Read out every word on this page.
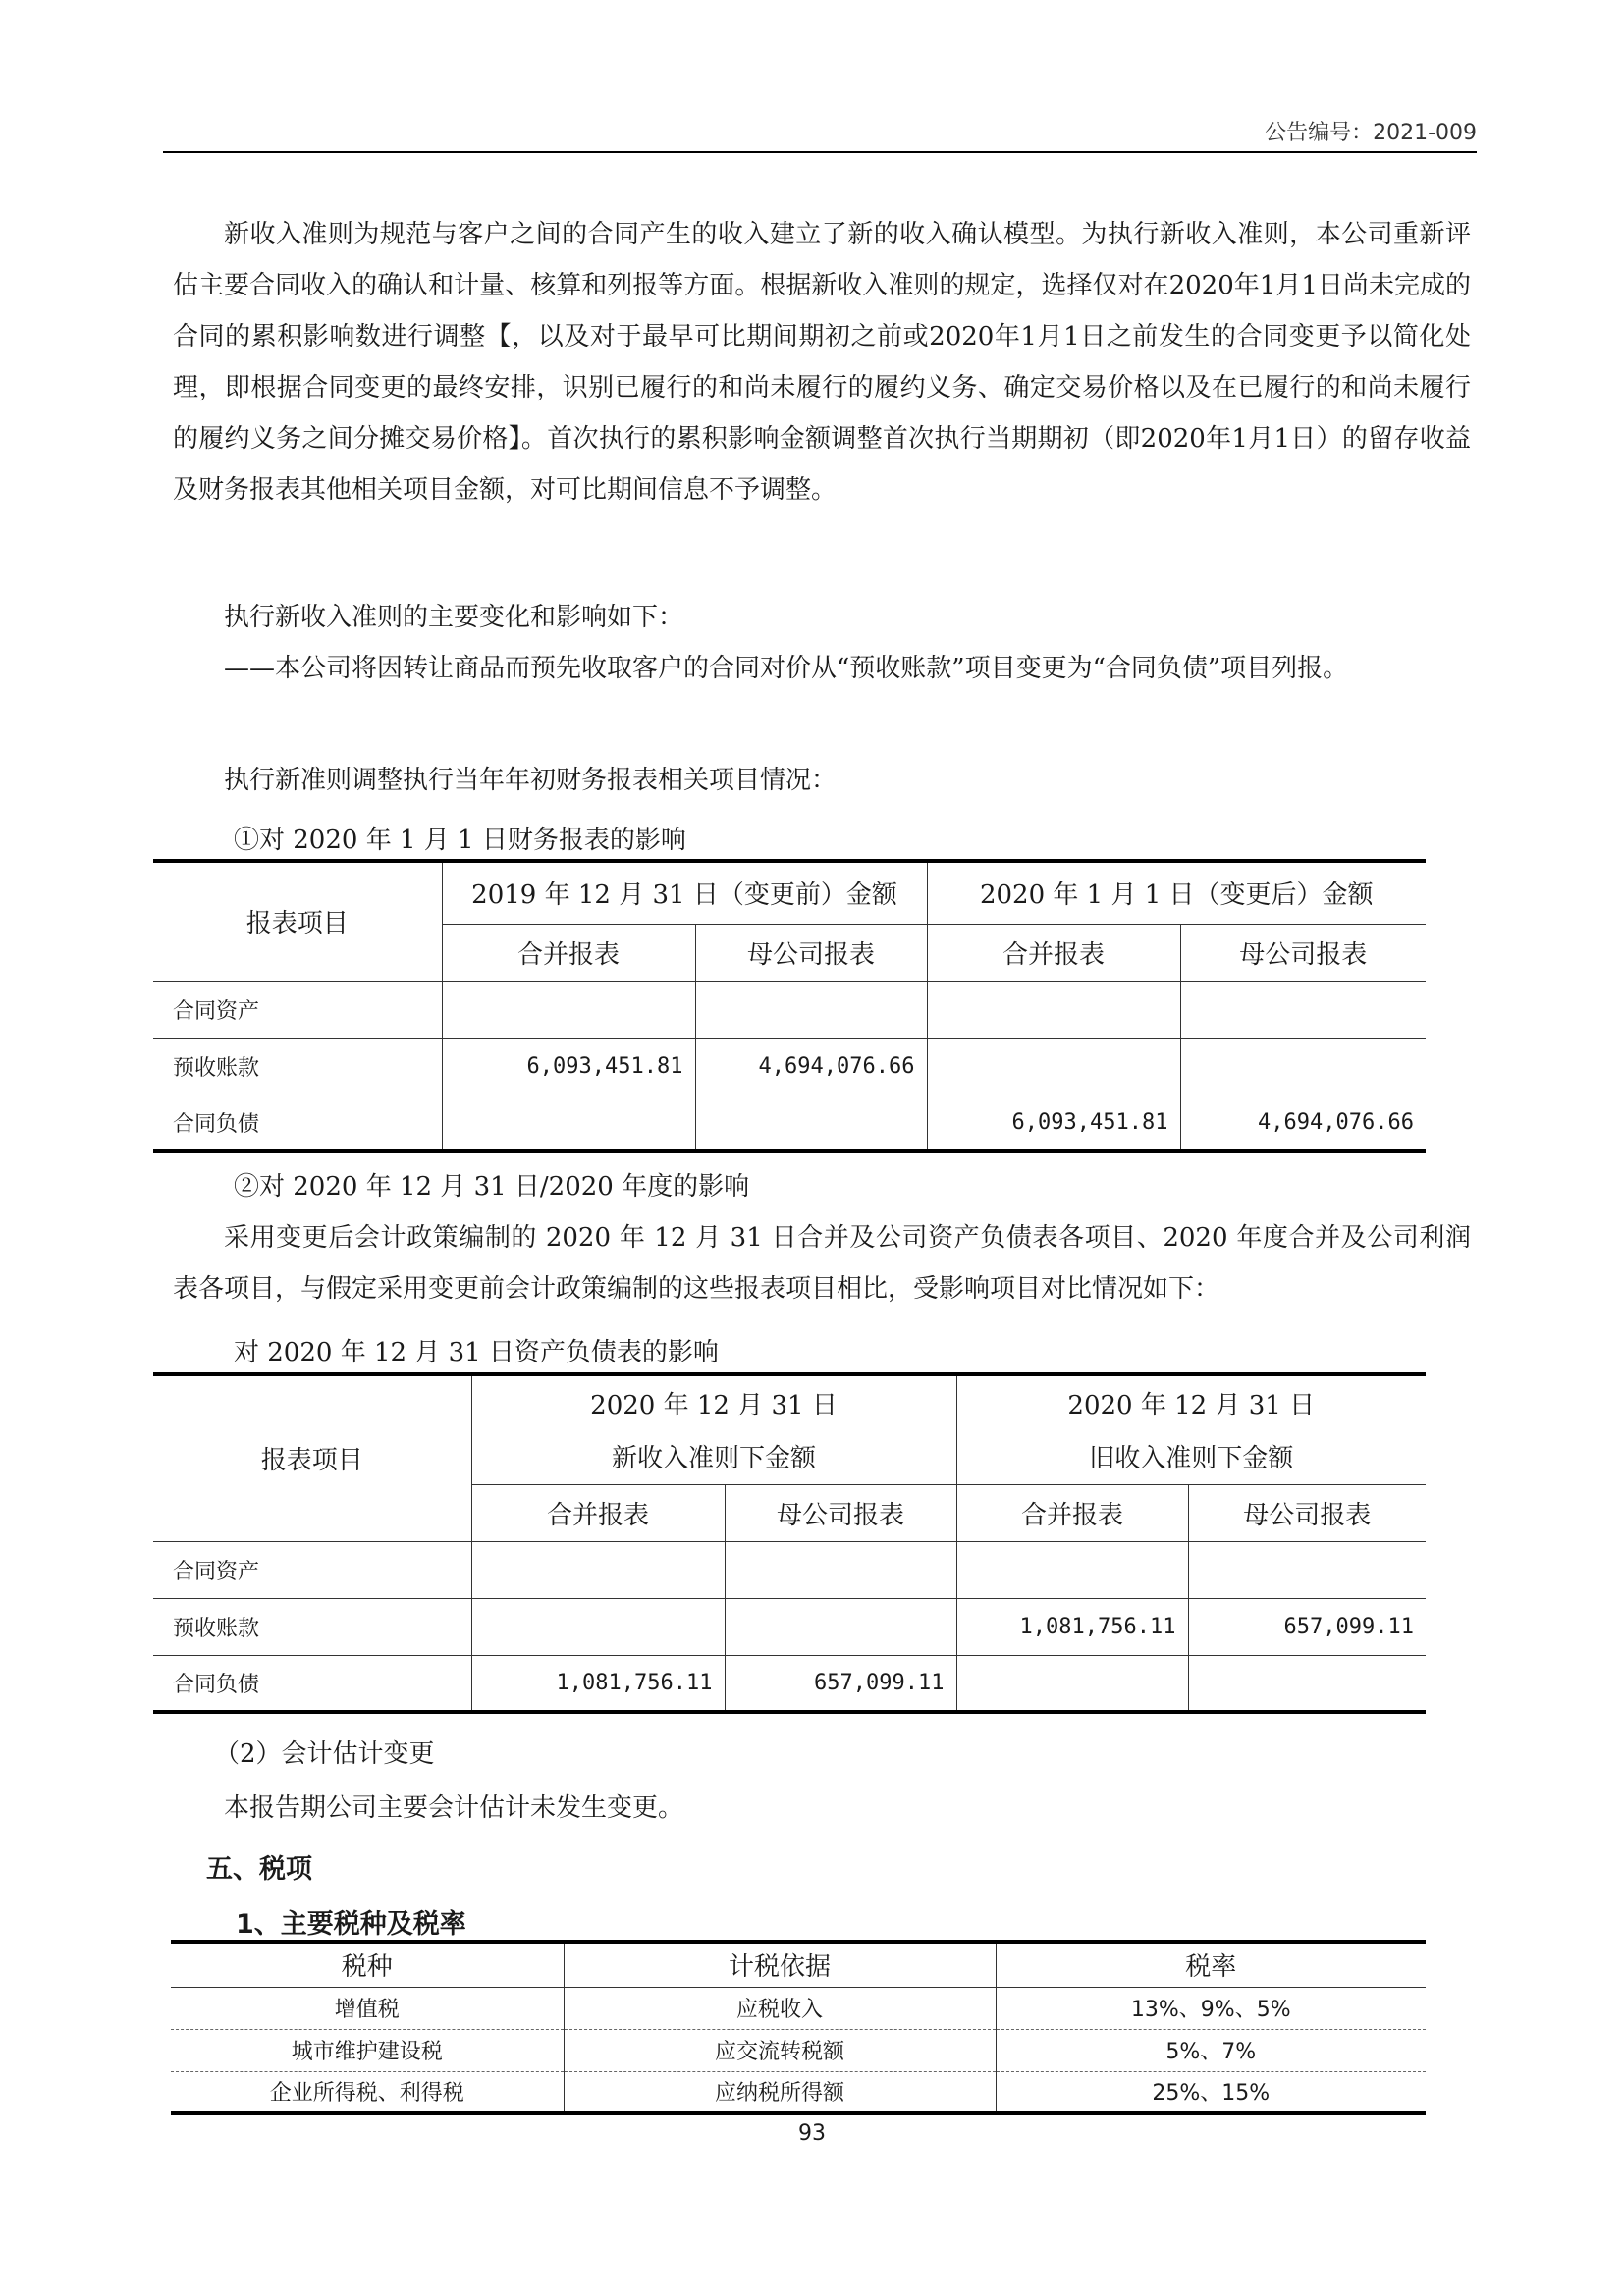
公告编号：2021-009

新收入准则为规范与客户之间的合同产生的收入建立了新的收入确认模型。为执行新收入准则，本公司重新评估主要合同收入的确认和计量、核算和列报等方面。根据新收入准则的规定，选择仅对在2020年1月1日尚未完成的合同的累积影响数进行调整【，以及对于最早可比期间期初之前或2020年1月1日之前发生的合同变更予以简化处理，即根据合同变更的最终安排，识别已履行的和尚未履行的履约义务、确定交易价格以及在已履行的和尚未履行的履约义务之间分摊交易价格】。首次执行的累积影响金额调整首次执行当期期初（即2020年1月1日）的留存收益及财务报表其他相关项目金额，对可比期间信息不予调整。

执行新收入准则的主要变化和影响如下：

——本公司将因转让商品而预先收取客户的合同对价从“预收账款”项目变更为“合同负债”项目列报。

执行新准则调整执行当年年初财务报表相关项目情况：

①对 2020 年 1 月 1 日财务报表的影响

报表项目	2019 年 12 月 31 日（变更前）金额		2020 年 1 月 1 日（变更后）金额	
	合并报表	母公司报表	合并报表	母公司报表
合同资产				
预收账款	6,093,451.81	4,694,076.66		
合同负债			6,093,451.81	4,694,076.66

②对 2020 年 12 月 31 日/2020 年度的影响

采用变更后会计政策编制的 2020 年 12 月 31 日合并及公司资产负债表各项目、2020 年度合并及公司利润表各项目，与假定采用变更前会计政策编制的这些报表项目相比，受影响项目对比情况如下：

对 2020 年 12 月 31 日资产负债表的影响

报表项目	2020 年 12 月 31 日		2020 年 12 月 31 日	
	新收入准则下金额		旧收入准则下金额	
	合并报表	母公司报表	合并报表	母公司报表
合同资产				
预收账款			1,081,756.11	657,099.11
合同负债	1,081,756.11	657,099.11		

（2）会计估计变更

本报告期公司主要会计估计未发生变更。

五、税项

1、主要税种及税率

税种	计税依据	税率
增值税	应税收入	13%、9%、5%
城市维护建设税	应交流转税额	5%、7%
企业所得税、利得税	应纳税所得额	25%、15%
93
